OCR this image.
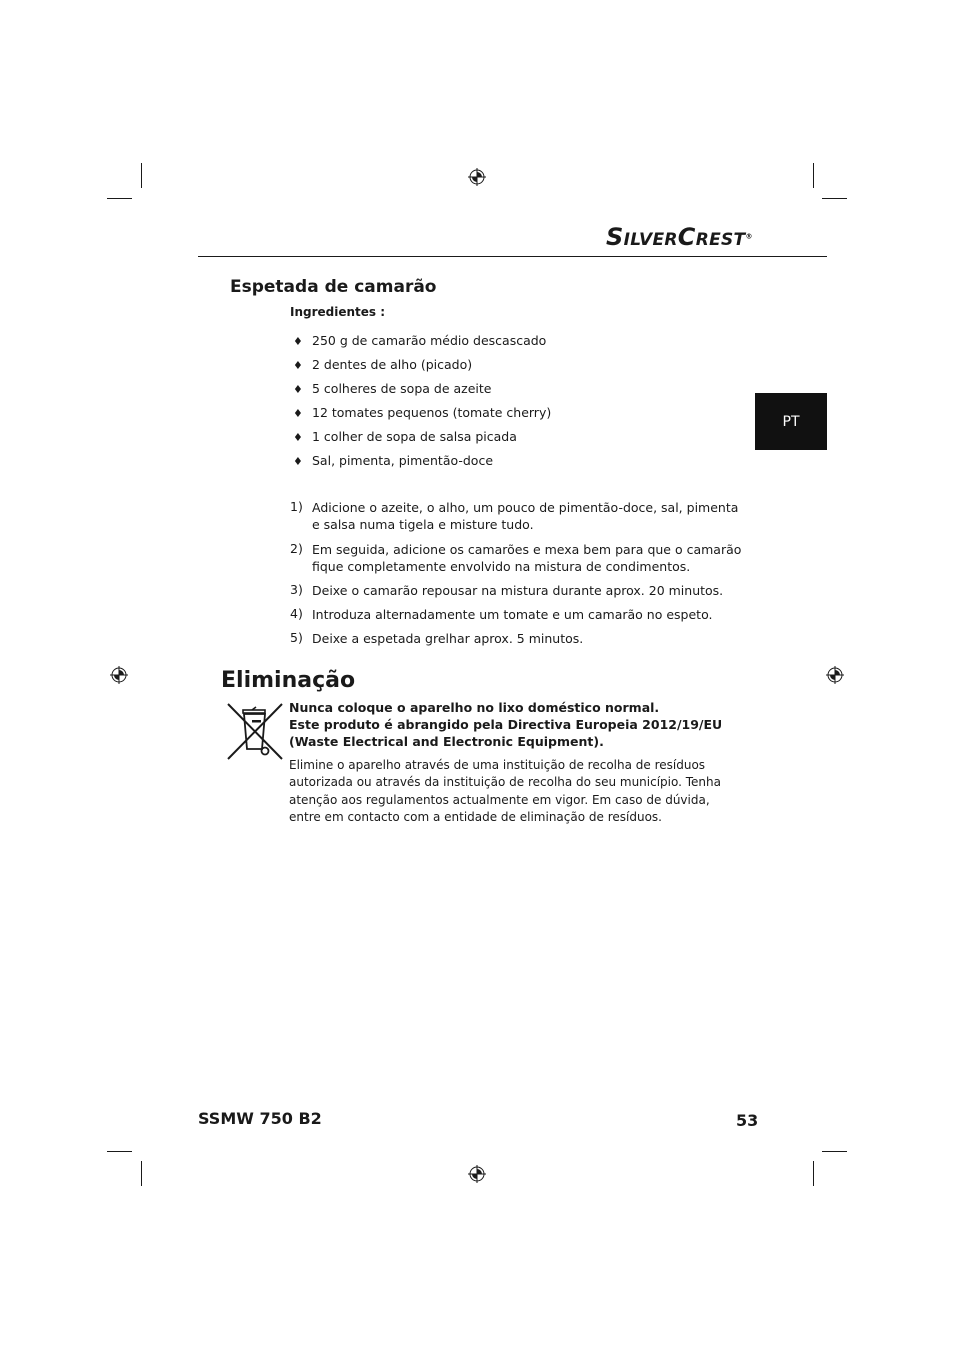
SILVERCREST®
PT
Espetada de camarão
Ingredientes :
♦ 250 g de camarão médio descascado
♦ 2 dentes de alho (picado)
♦ 5 colheres de sopa de azeite
♦ 12 tomates pequenos (tomate cherry)
♦ 1 colher de sopa de salsa picada
♦ Sal, pimenta, pimentão-doce
1) Adicione o azeite, o alho, um pouco de pimentão-doce, sal, pimenta e salsa numa tigela e misture tudo.
2) Em seguida, adicione os camarões e mexa bem para que o camarão fique completamente envolvido na mistura de condimentos.
3) Deixe o camarão repousar na mistura durante aprox. 20 minutos.
4) Introduza alternadamente um tomate e um camarão no espeto.
5) Deixe a espetada grelhar aprox. 5 minutos.
Eliminação
Nunca coloque o aparelho no lixo doméstico normal.
Este produto é abrangido pela Directiva Europeia 2012/19/EU
(Waste Electrical and Electronic Equipment).
Elimine o aparelho através de uma instituição de recolha de resíduos autorizada ou através da instituição de recolha do seu município. Tenha atenção aos regulamentos actualmente em vigor. Em caso de dúvida, entre em contacto com a entidade de eliminação de resíduos.
SSMW 750 B2	53
